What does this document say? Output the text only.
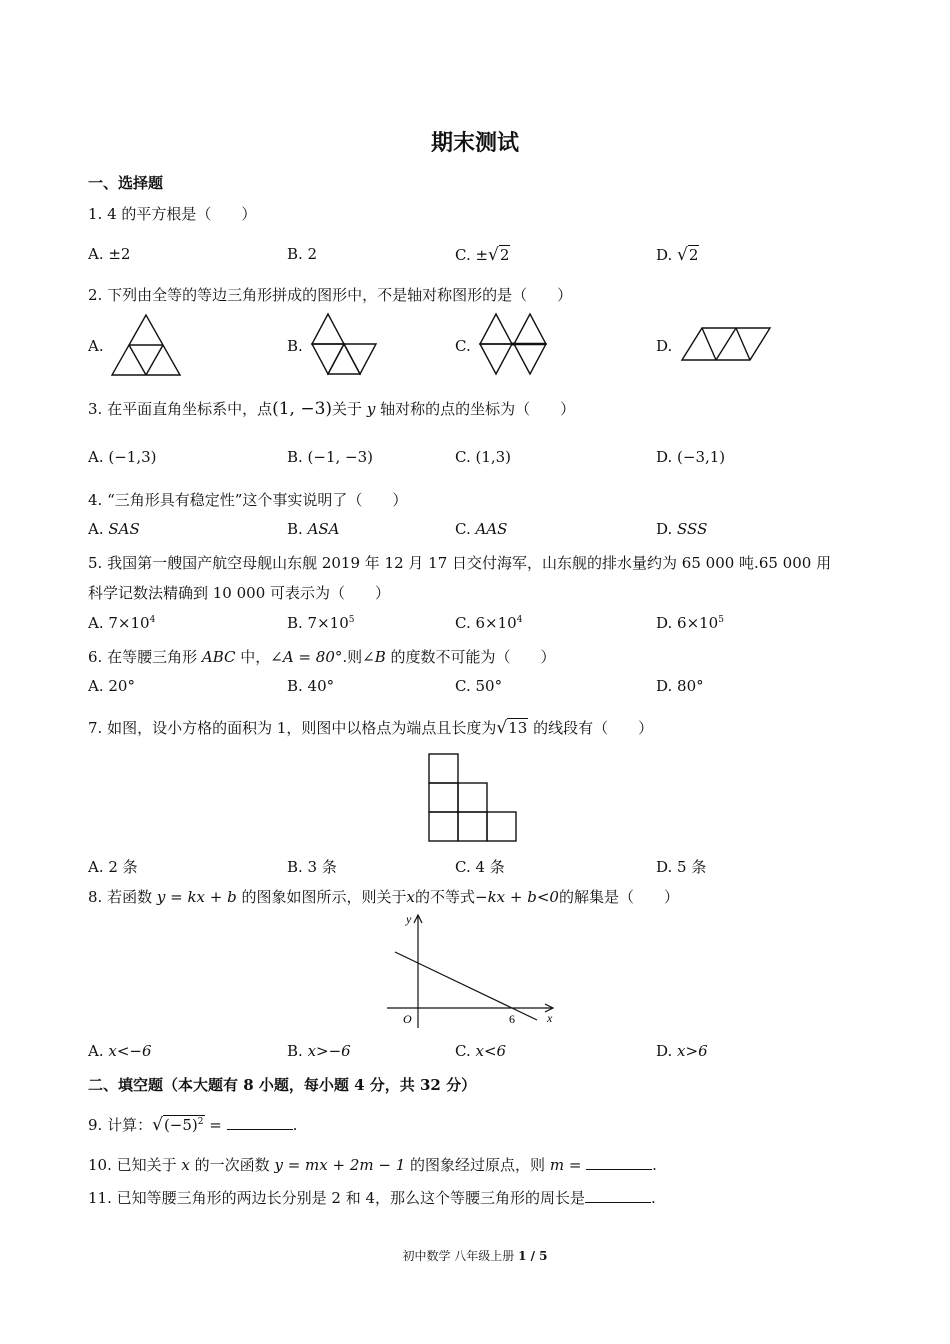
期末测试
一、选择题
1. 4 的平方根是（　　）
A. ±2	B. 2	C. ±√2	D. √2
2. 下列由全等的等边三角形拼成的图形中，不是轴对称图形的是（　　）
A.	B.	C.	D.
3. 在平面直角坐标系中，点(1, −3)关于 y 轴对称的点的坐标为（　　）
A. (−1,3)	B. (−1, −3)	C. (1,3)	D. (−3,1)
4. “三角形具有稳定性”这个事实说明了（　　）
A. SAS	B. ASA	C. AAS	D. SSS
5. 我国第一艘国产航空母舰山东舰 2019 年 12 月 17 日交付海军，山东舰的排水量约为 65 000 吨.65 000 用
科学记数法精确到 10 000 可表示为（　　）
A. $7\times 10^4$	B. $7\times 10^5$	C. $6\times 10^4$	D. $6\times 10^5$
6. 在等腰三角形 ABC 中，∠A = 80°.则∠B 的度数不可能为（　　）
A. 20°	B. 40°	C. 50°	D. 80°
7. 如图，设小方格的面积为 1，则图中以格点为端点且长度为√13 的线段有（　　）
A. 2 条	B. 3 条	C. 4 条	D. 5 条
8. 若函数 y = kx + b 的图象如图所示，则关于x的不等式−kx + b<0的解集是（　　）
y
x
O	6
A. x<−6	B. x>−6	C. x<6	D. x>6
二、填空题（本大题有 8 小题，每小题 4 分，共 32 分）
9. 计算：$√(-5)^2$ =	.
10. 已知关于 x 的一次函数 y = mx + 2m − 1 的图象经过原点，则 m =	.
11. 已知等腰三角形的两边长分别是 2 和 4，那么这个等腰三角形的周长是	.
初中数学 八年级上册 1 / 5
